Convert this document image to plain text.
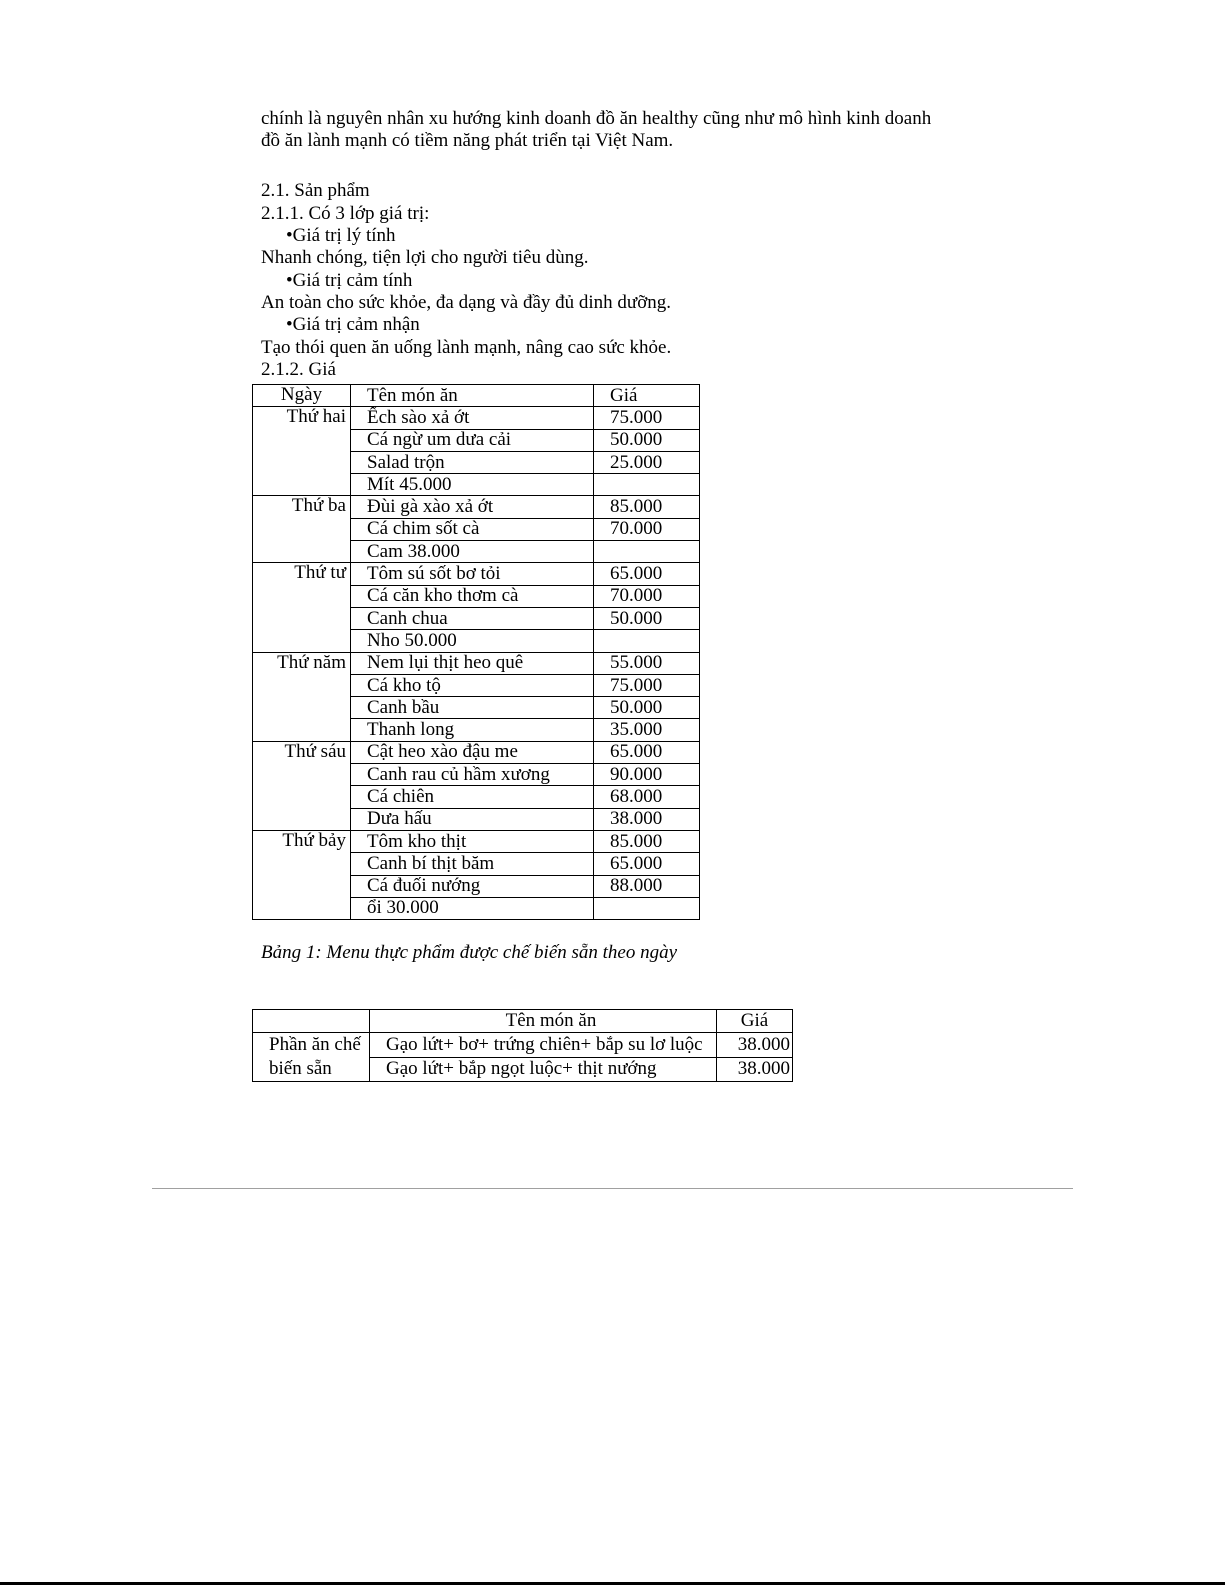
chính là nguyên nhân xu hướng kinh doanh đồ ăn healthy cũng như mô hình kinh doanh
đồ ăn lành mạnh có tiềm năng phát triển tại Việt Nam.
2.1. Sản phẩm
2.1.1. Có 3 lớp giá trị:
•Giá trị lý tính
Nhanh chóng, tiện lợi cho người tiêu dùng.
•Giá trị cảm tính
An toàn cho sức khỏe, đa dạng và đầy đủ dinh dưỡng.
•Giá trị cảm nhận
Tạo thói quen ăn uống lành mạnh, nâng cao sức khỏe.
2.1.2. Giá
Ngày	Tên món ăn	Giá
Thứ hai	Ếch sào xả ớt	75.000
	Cá ngừ um dưa cải	50.000
	Salad trộn	25.000
	Mít 45.000	
Thứ ba	Đùi gà xào xả ớt	85.000
	Cá chim sốt cà	70.000
	Cam 38.000	
Thứ tư	Tôm sú sốt bơ tỏi	65.000
	Cá căn kho thơm cà	70.000
	Canh chua	50.000
	Nho 50.000	
Thứ năm	Nem lụi thịt heo quê	55.000
	Cá kho tộ	75.000
	Canh bầu	50.000
	Thanh long	35.000
Thứ sáu	Cật heo xào đậu me	65.000
	Canh rau củ hầm xương	90.000
	Cá chiên	68.000
	Dưa hấu	38.000
Thứ bảy	Tôm kho thịt	85.000
	Canh bí thịt băm	65.000
	Cá đuối nướng	88.000
	ổi 30.000	
Bảng 1: Menu thực phẩm được chế biến sẵn theo ngày
	Tên món ăn	Giá

Phần ăn chế
biến sẵn	Gạo lứt+ bơ+ trứng chiên+ bắp su lơ luộc	38.000
	Gạo lứt+ bắp ngọt luộc+ thịt nướng	38.000
